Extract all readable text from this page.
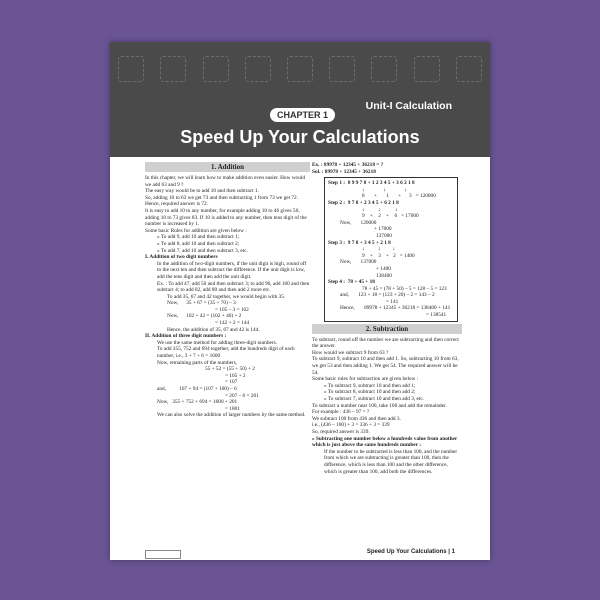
Unit-I Calculation
CHAPTER 1
Speed Up Your Calculations
1. Addition
In this chapter, we will learn how to make addition even easier. How would we add 63 and 9 ?
The easy way would be to add 10 and then subtract 1.
So, adding 10 to 63 we get 73 and then subtracting 1 from 73 we get 72. Hence, required answer is 72.
It is easy to add 10 to any number, for example adding 10 to 46 gives 56; adding 10 to 73 gives 83. If 10 is added to any number, then tens digit of the number is increased by 1.
Some basic Rules for addition are given below :
» To add 9, add 10 and then subtract 1;
» To add 8, add 10 and then subtract 2;
» To add 7, add 10 and then subtract 3, etc.
I. Addition of two digit numbers
In the addition of two-digit numbers, if the unit digit is high, round off to the next ten and then subtract the difference. If the unit digit is low, add the tens digit and then add the unit digit.
Ex. : To add 47, add 50 and then subtract 3; to add 96, add 100 and then subtract 4; to add 82, add 80 and then add 2 more etc.
To add 35, 67 and 42 together, we would begin with 35.
Now,      35 + 67 = (35 + 70) – 3
= 105 – 3 = 102
Now,      102 + 42 = (102 + 40) + 2
= 142 + 2 = 144
Hence, the addition of 35, 67 and 42 is 144.
II. Addition of three digit numbers :
We use the same method for adding three-digit numbers.
To add 355, 752 and 694 together, add the hundreds digit of each number, i.e., 3 + 7 + 6 = 1600
Now, remaining parts of the numbers,
55 + 52 = (55 + 50) + 2
= 105 + 2
= 107
and,          107 + 94 = (107 + 100) – 6
= 207 – 6 = 201
Now,   355 + 752 + 694 = 1600 + 201
= 1801
We can also solve the addition of larger numbers by the same method.
Ex. : 89978 + 12345 + 36218 = ?
Sol. : 89978 + 12345 + 36218
Step 1 :  8 9 9 7 8 + 1 2 3 4 5 + 3 6 2 1 8
↓              ↓              ↓
8       +       1       +      3   = 120000
Step 2 :  9 7 8 + 2 3 4 5 + 6 2 1 8
↓          ↓           ↓
9    +    2    +    6   = 17000
Now,       120000
+ 17000
137000
Step 3 :  9 7 8 + 3 4 5 + 2 1 8
↓          ↓         ↓
9    +    3    +   2   = 1400
Now,       137000
+ 1400
138400
Step 4 :  78 + 45 + 18
78 + 45 = (78 + 50) – 5 = 128 – 5 = 123
and,       123 + 18 = (123 + 20) – 2 = 143 – 2
= 141
Hence,       89978 + 12345 + 36218 = 138400 + 141
= 138541
2. Subtraction
To subtract, round off the number we are subtracting and then correct the answer.
How would we subtract 9 from 63 ?
To subtract 9, subtract 10 and then add 1. So, subtracting 10 from 63, we get 53 and then adding 1. We get 54. The required answer will be 54.
Some basic rules for subtraction are given below :
» To subtract 9, subtract 10 and then add 1;
» To subtract 8, subtract 10 and then add 2;
» To subtract 7, subtract 10 and then add 3, etc.
To subtract a number near 100, take 100 and add the remainder.
For example : 436 – 97 = ?
We subtract 100 from 436 and then add 3.
i.e., (436 – 100) + 3 = 336 + 3 = 339
So, required answer is 339.
» Subtracting one number below a hundreds value from another which is just above the same hundreds number :
If the number to be subtracted is less than 100, and the number from which we are subtracting is greater than 100, then the difference, which is less than 100 and the other difference, which is greater than 100, add both the differences.
Speed Up Your Calculations | 1
